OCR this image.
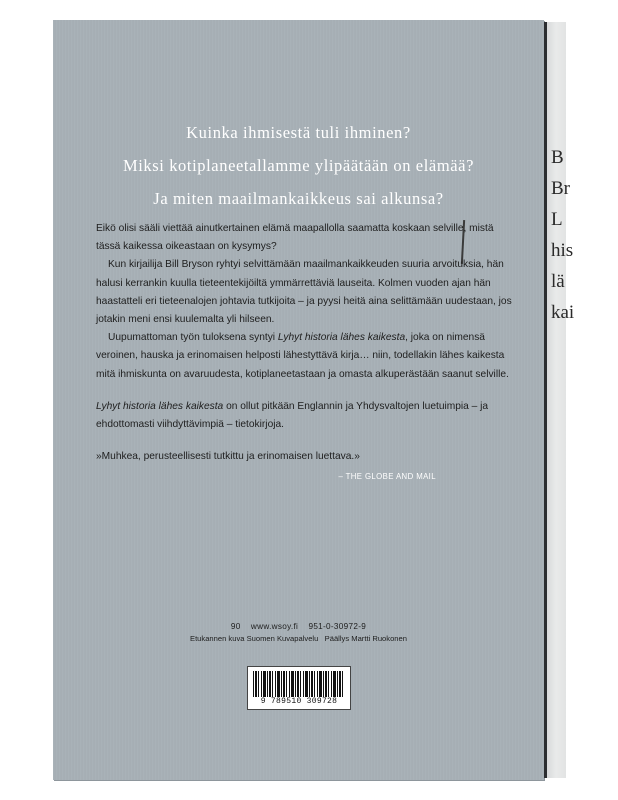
Kuinka ihmisestä tuli ihminen?
Miksi kotiplaneetallamme ylipäätään on elämää?
Ja miten maailmankaikkeus sai alkunsa?

Eikö olisi sääli viettää ainutkertainen elämä maapallolla saamatta koskaan selville, mistä tässä kaikessa oikeastaan on kysymys?

Kun kirjailija Bill Bryson ryhtyi selvittämään maailmankaikkeuden suuria arvoituksia, hän halusi kerrankin kuulla tieteentekijöiltä ymmärrettäviä lauseita. Kolmen vuoden ajan hän haastatteli eri tieteenalojen johtavia tutkijoita – ja pyysi heitä aina selittämään uudestaan, jos jotakin meni ensi kuulemalta yli hilseen.

Uupumattoman työn tuloksena syntyi Lyhyt historia lähes kaikesta, joka on nimensä veroinen, hauska ja erinomaisen helposti lähestyttävä kirja… niin, todellakin lähes kaikesta mitä ihmiskunta on avaruudesta, kotiplaneetastaan ja omasta alkuperästään saanut selville.

Lyhyt historia lähes kaikesta on ollut pitkään Englannin ja Yhdysvaltojen luetuimpia – ja ehdottomasti viihdyttävimpiä – tietokirjoja.

»Muhkea, perusteellisesti tutkittu ja erinomaisen luettava.»

– THE GLOBE AND MAIL
90    www.wsoy.fi    951-0-30972-9
Etukannen kuva Suomen Kuvapalvelu   Päällys Martti Ruokonen
9 789510 309728
B
Br
L
his
lä
kai
